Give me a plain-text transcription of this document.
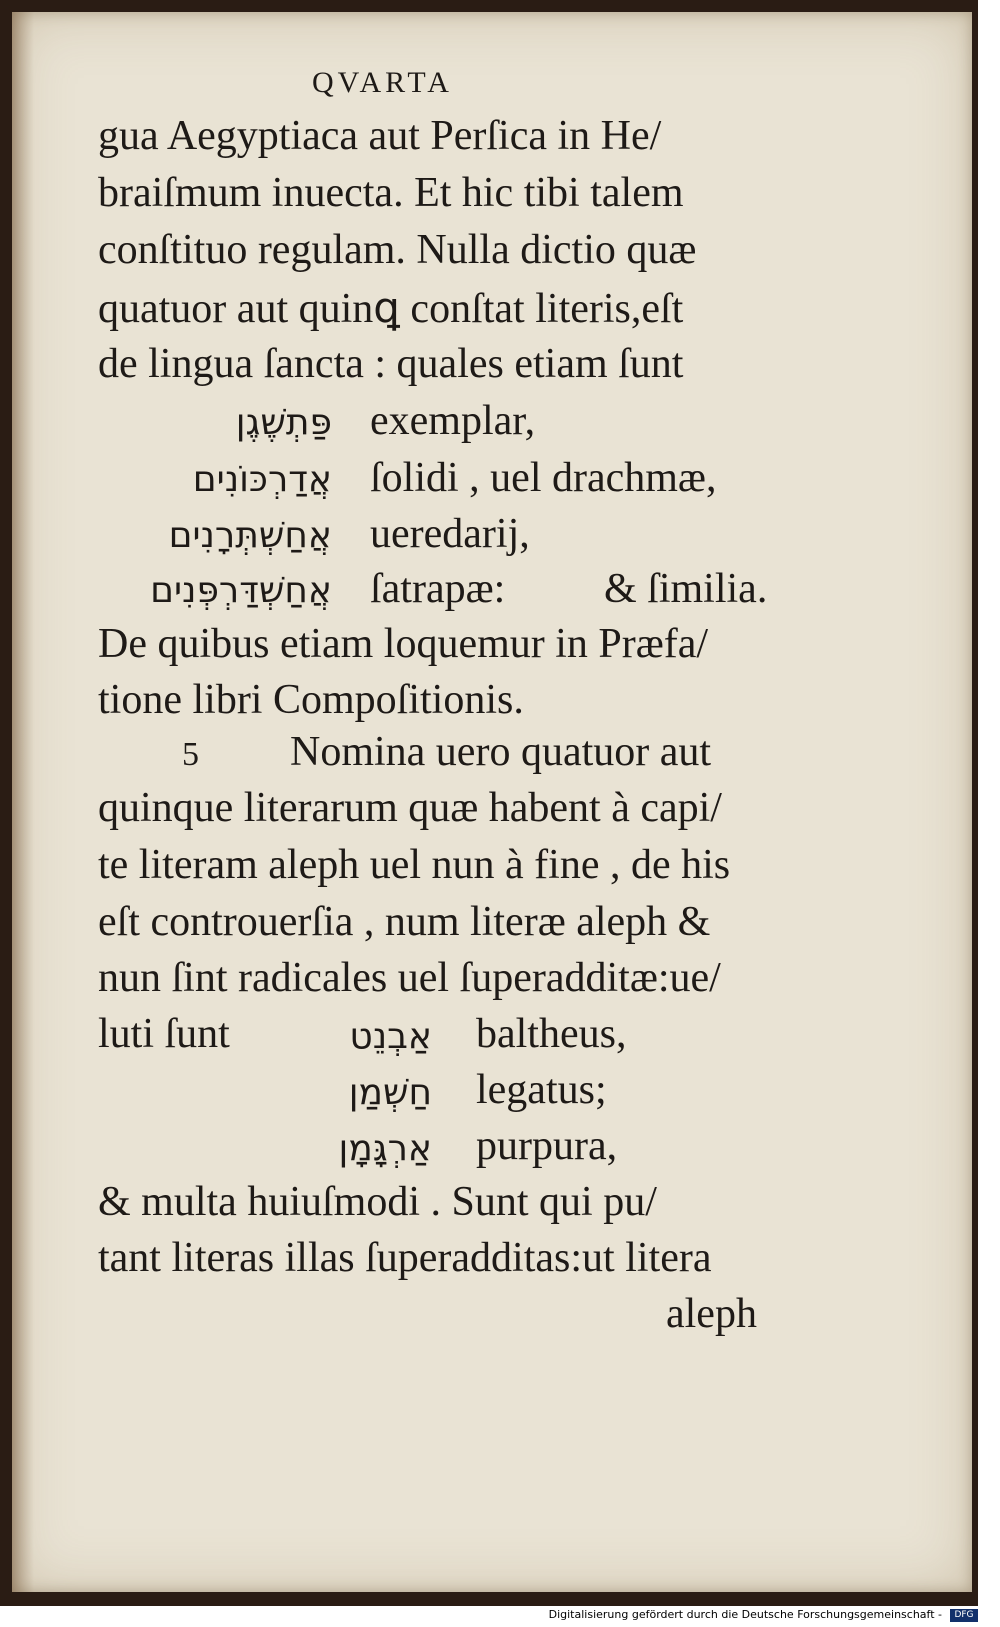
QVARTA
gua Aegyptiaca aut Perſica in He/
braiſmum inuecta. Et hic tibi talem
conſtituo regulam. Nulla dictio quæ
quatuor aut quinꝗ conſtat literis,eſt
de lingua ſancta : quales etiam ſunt
פַּתְשֶׁגֶן exemplar,
אֲדַרְכּוֹנִים ſolidi , uel drachmæ,
אֲחַשְׁתְּרָנִים ueredarij,
אֲחַשְׁדַּרְפְּנִים ſatrapæ: & ſimilia.
De quibus etiam loquemur in Præfa/
tione libri Compoſitionis.
5 Nomina uero quatuor aut
quinque literarum quæ habent à capi/
te literam aleph uel nun à fine , de his
eſt controuerſia , num literæ aleph &
nun ſint radicales uel ſuperadditæ:ue/
luti ſunt	אַבְנֵט baltheus,
חַשְׁמַן legatus;
אַרְגָּמָן purpura,
& multa huiuſmodi . Sunt qui pu/
tant literas illas ſuperadditas:ut litera
aleph
Digitalisierung gefördert durch die Deutsche Forschungsgemeinschaft -	DFG
